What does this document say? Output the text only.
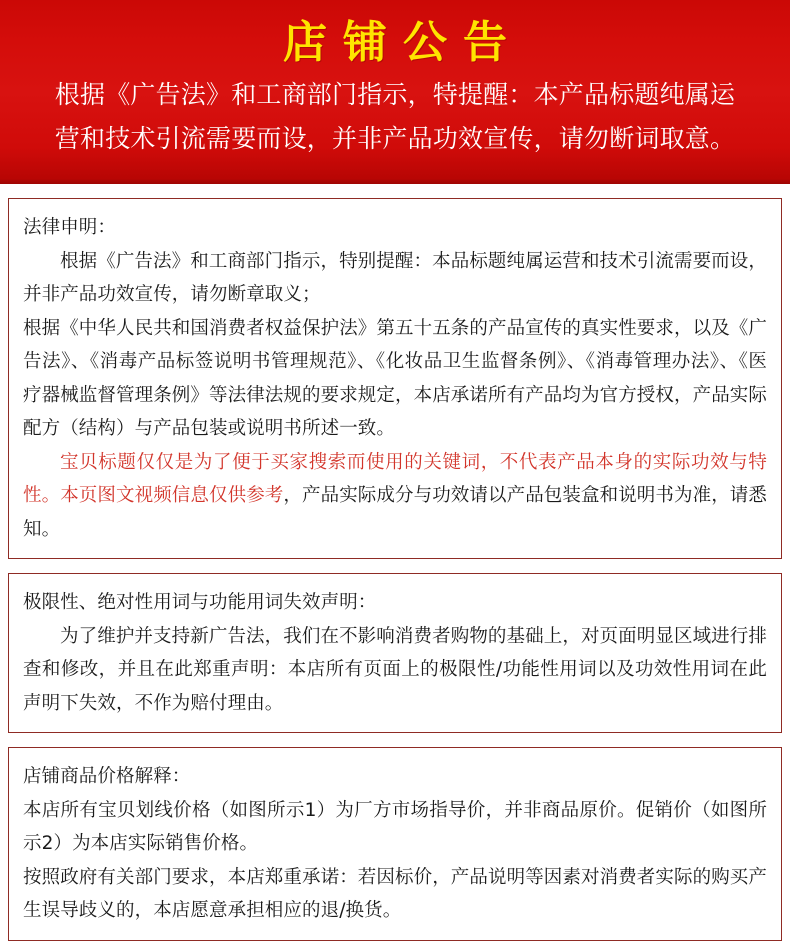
店铺公告
根据《广告法》和工商部门指示，特提醒：本产品标题纯属运
营和技术引流需要而设，并非产品功效宣传，请勿断词取意。

法律申明：

根据《广告法》和工商部门指示，特别提醒：本品标题纯属运营和技术引流需要而设，并非产品功效宣传，请勿断章取义；

根据《中华人民共和国消费者权益保护法》第五十五条的产品宣传的真实性要求，以及《广告法》、《消毒产品标签说明书管理规范》、《化妆品卫生监督条例》、《消毒管理办法》、《医疗器械监督管理条例》等法律法规的要求规定，本店承诺所有产品均为官方授权，产品实际配方（结构）与产品包装或说明书所述一致。

宝贝标题仅仅是为了便于买家搜索而使用的关键词，不代表产品本身的实际功效与特性。本页图文视频信息仅供参考，产品实际成分与功效请以产品包装盒和说明书为准，请悉知。

极限性、绝对性用词与功能用词失效声明：

为了维护并支持新广告法，我们在不影响消费者购物的基础上，对页面明显区域进行排查和修改，并且在此郑重声明：本店所有页面上的极限性/功能性用词以及功效性用词在此声明下失效，不作为赔付理由。

店铺商品价格解释：

本店所有宝贝划线价格（如图所示1）为厂方市场指导价，并非商品原价。促销价（如图所示2）为本店实际销售价格。

按照政府有关部门要求，本店郑重承诺：若因标价，产品说明等因素对消费者实际的购买产生误导歧义的，本店愿意承担相应的退/换货。
